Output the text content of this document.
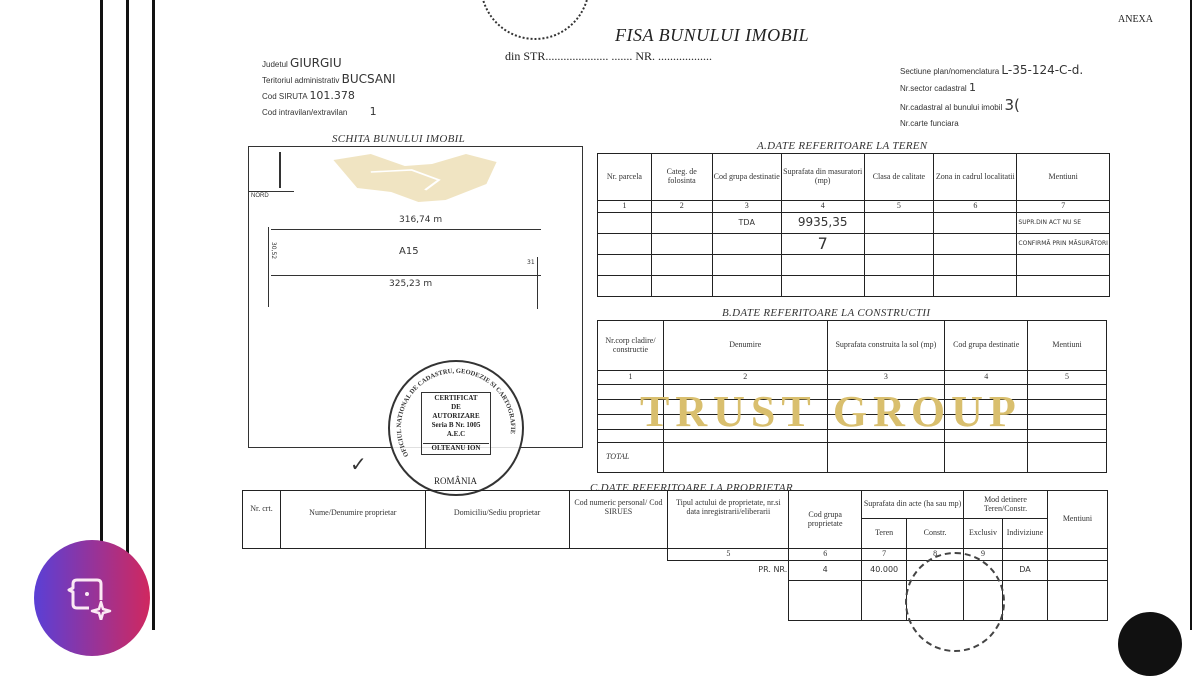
ANEXA
FISA BUNULUI IMOBIL
din STR..................... ....... NR. ..................
Judetul GIURGIU
Teritoriul administrativ BUCSANI
Cod SIRUTA 101.378
Cod intravilan/extravilan 1
Sectiune plan/nomenclatura L-35-124-C-d.
Nr.sector cadastral 1
Nr.cadastral al bunului imobil 3(
Nr.carte funciara
SCHITA BUNULUI IMOBIL
NORD
316,74 m
A15
325,23 m
30,52
31
OFICIUL NATIONAL DE CADASTRU, GEODEZIE SI CARTOGRAFIE
CERTIFICAT
DE
AUTORIZARE
Seria B Nr. 1005
A.E.C
OLTEANU ION
ROMÂNIA
✓
A.DATE REFERITOARE LA TEREN
Nr. parcela	Categ. de folosinta	Cod grupa destinatie	Suprafata din masuratori (mp)	Clasa de calitate	Zona in cadrul localitatii	Mentiuni
1	2	3	4	5	6	7
		TDA	9935,35			SUPR.DIN ACT NU SE
			7			CONFIRMĂ PRIN MĂSURĂTORI

B.DATE REFERITOARE LA CONSTRUCTII
Nr.corp cladire/ constructie	Denumire	Suprafata construita la sol (mp)	Cod grupa destinatie	Mentiuni
1	2	3	4	5

TOTAL				
C.DATE REFERITOARE LA PROPRIETAR
Nr. crt.	Nume/Denumire proprietar	Domiciliu/Sediu proprietar	Cod numeric personal/ Cod SIRUES	Tipul actului de proprietate, nr.si data inregistrarii/eliberarii	Cod grupa proprietate	Suprafata din acte (ha sau mp)		Mod detinere Teren/Constr.		Mentiuni
						Teren	Constr.	Exclusiv	Indiviziune	
				5	6	7	8	9		
				PR. NR.	4	40.000			DA	

TRUST GROUP
